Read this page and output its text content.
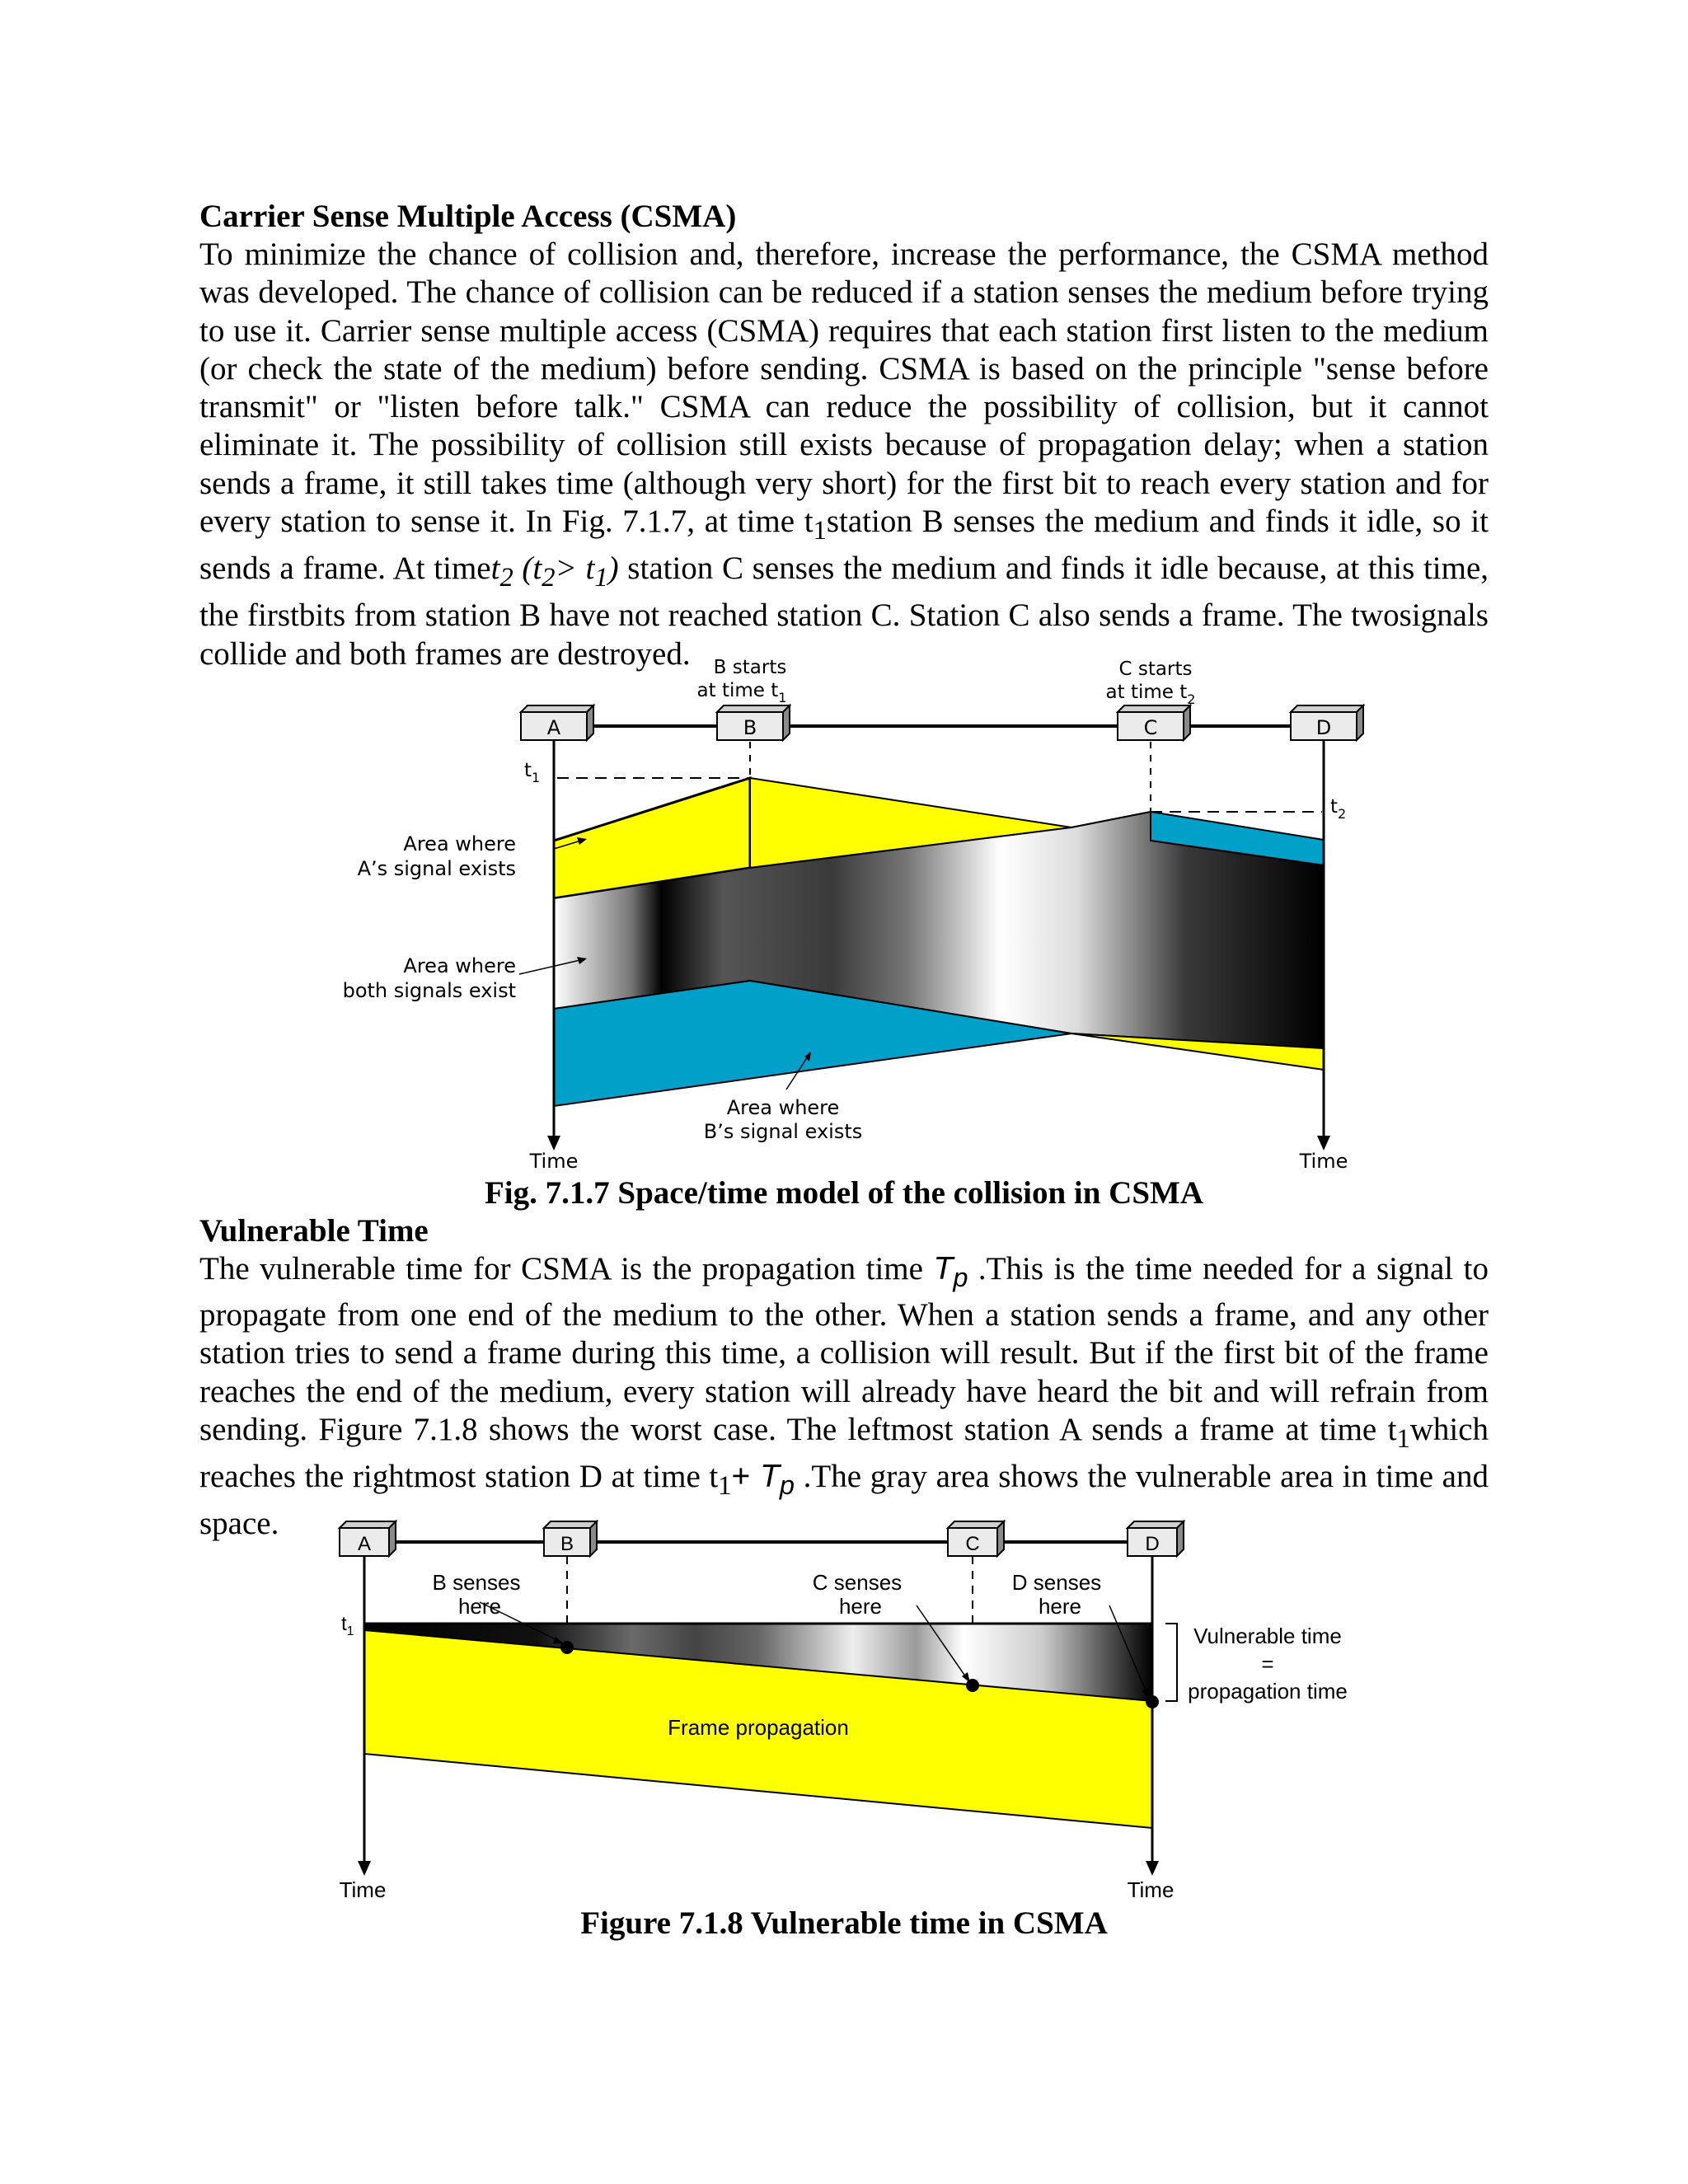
Carrier Sense Multiple Access (CSMA)

To minimize the chance of collision and, therefore, increase the performance, the CSMA method was developed. The chance of collision can be reduced if a station senses the medium before trying to use it. Carrier sense multiple access (CSMA) requires that each station first listen to the medium (or check the state of the medium) before sending. CSMA is based on the principle "sense before transmit" or "listen before talk." CSMA can reduce the possibility of collision, but it cannot eliminate it. The possibility of collision still exists because of propagation delay; when a station sends a frame, it still takes time (although very short) for the first bit to reach every station and for every station to sense it. In Fig. 7.1.7, at time $t_1station$ B senses the medium and finds it idle, so it sends a frame. At timet$_2$ $(t_2> t_1)$ station C senses the medium and finds it idle because, at this time, the firstbits from station B have not reached station C. Station C also sends a frame. The twosignals collide and both frames are destroyed.

A	B	C	D
B starts
at time $t_1$
C starts
at time $t_2$
$t_1$
$t_2$
Area where
A’s signal exists
Area where
both signals exist
Area where
B’s signal exists
Time	Time

Fig. 7.1.7 Space/time model of the collision in CSMA

Vulnerable Time

The vulnerable time for CSMA is the propagation time $T_p$ .This is the time needed for a signal to propagate from one end of the medium to the other. When a station sends a frame, and any other station tries to send a frame during this time, a collision will result. But if the first bit of the frame reaches the end of the medium, every station will already have heard the bit and will refrain from sending. Figure 7.1.8 shows the worst case. The leftmost station A sends a frame at time $t_1which$ reaches the rightmost station D at time $t_1+ T_p$ .The gray area shows the vulnerable area in time and space.

A	B	C	D
B senses
here
C senses
here
D senses
here
$t_1$	Vulnerable time
=
propagation time
Frame propagation
Time	Time

Figure 7.1.8 Vulnerable time in CSMA
